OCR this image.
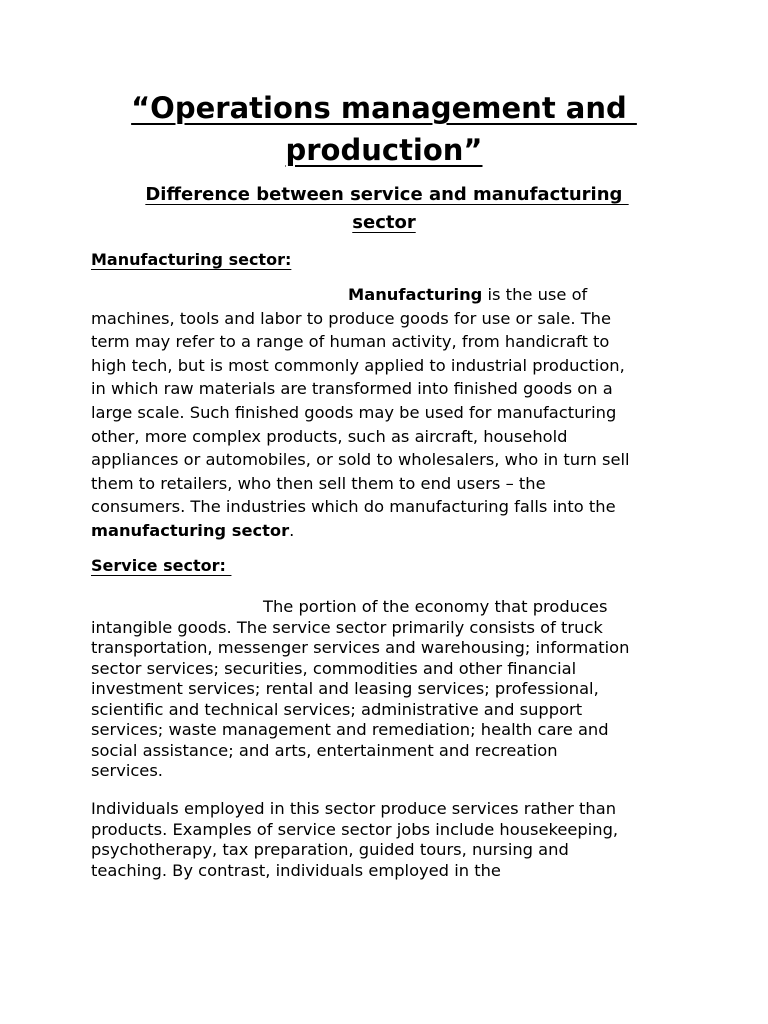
“Operations management and
production”
Difference between service and manufacturing
sector
Manufacturing sector:
Manufacturing is the use of
machines, tools and labor to produce goods for use or sale. The
term may refer to a range of human activity, from handicraft to
high tech, but is most commonly applied to industrial production,
in which raw materials are transformed into finished goods on a
large scale. Such finished goods may be used for manufacturing
other, more complex products, such as aircraft, household
appliances or automobiles, or sold to wholesalers, who in turn sell
them to retailers, who then sell them to end users – the
consumers. The industries which do manufacturing falls into the
manufacturing sector.
Service sector:
The portion of the economy that produces
intangible goods. The service sector primarily consists of truck
transportation, messenger services and warehousing; information
sector services; securities, commodities and other financial
investment services; rental and leasing services; professional,
scientific and technical services; administrative and support
services; waste management and remediation; health care and
social assistance; and arts, entertainment and recreation
services.
Individuals employed in this sector produce services rather than
products. Examples of service sector jobs include housekeeping,
psychotherapy, tax preparation, guided tours, nursing and
teaching. By contrast, individuals employed in the
